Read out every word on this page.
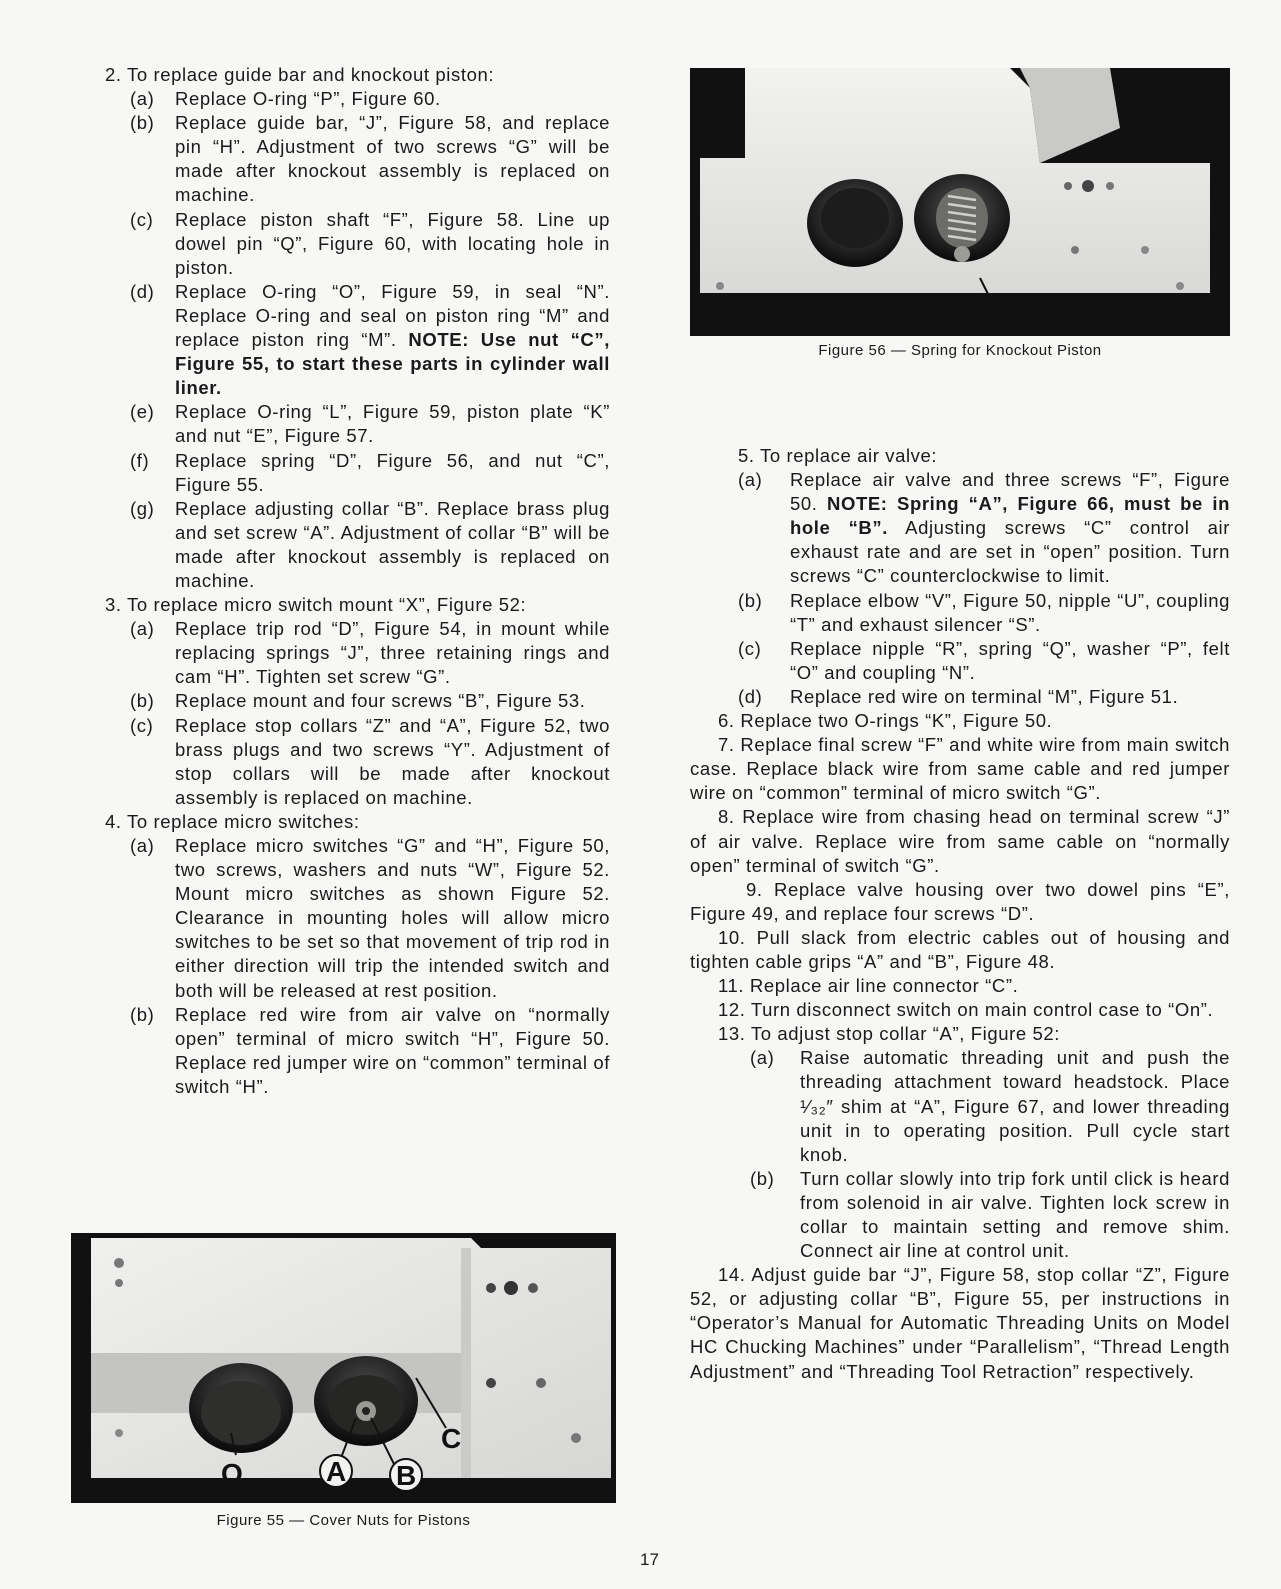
2. To replace guide bar and knockout piston:
(a) Replace O-ring “P”, Figure 60.
(b) Replace guide bar, “J”, Figure 58, and replace pin “H”. Adjustment of two screws “G” will be made after knockout assembly is replaced on machine.
(c) Replace piston shaft “F”, Figure 58. Line up dowel pin “Q”, Figure 60, with locating hole in piston.
(d) Replace O-ring “O”, Figure 59, in seal “N”. Replace O-ring and seal on piston ring “M” and replace piston ring “M”. NOTE: Use nut “C”, Figure 55, to start these parts in cylinder wall liner.
(e) Replace O-ring “L”, Figure 59, piston plate “K” and nut “E”, Figure 57.
(f) Replace spring “D”, Figure 56, and nut “C”, Figure 55.
(g) Replace adjusting collar “B”. Replace brass plug and set screw “A”. Adjustment of collar “B” will be made after knockout assembly is replaced on machine.
3. To replace micro switch mount “X”, Figure 52:
(a) Replace trip rod “D”, Figure 54, in mount while replacing springs “J”, three retaining rings and cam “H”. Tighten set screw “G”.
(b) Replace mount and four screws “B”, Figure 53.
(c) Replace stop collars “Z” and “A”, Figure 52, two brass plugs and two screws “Y”. Adjustment of stop collars will be made after knockout assembly is replaced on machine.
4. To replace micro switches:
(a) Replace micro switches “G” and “H”, Figure 50, two screws, washers and nuts “W”, Figure 52. Mount micro switches as shown Figure 52. Clearance in mounting holes will allow micro switches to be set so that movement of trip rod in either direction will trip the intended switch and both will be released at rest position.
(b) Replace red wire from air valve on “normally open” terminal of micro switch “H”, Figure 50. Replace red jumper wire on “common” terminal of switch “H”.
D
Figure 56 — Spring for Knockout Piston
5. To replace air valve:
(a) Replace air valve and three screws “F”, Figure 50. NOTE: Spring “A”, Figure 66, must be in hole “B”. Adjusting screws “C” control air exhaust rate and are set in “open” position. Turn screws “C” counterclockwise to limit.
(b) Replace elbow “V”, Figure 50, nipple “U”, coupling “T” and exhaust silencer “S”.
(c) Replace nipple “R”, spring “Q”, washer “P”, felt “O” and coupling “N”.
(d) Replace red wire on terminal “M”, Figure 51.
6. Replace two O-rings “K”, Figure 50.
7. Replace final screw “F” and white wire from main switch case. Replace black wire from same cable and red jumper wire on “common” terminal of micro switch “G”.
8. Replace wire from chasing head on terminal screw “J” of air valve. Replace wire from same cable on “normally open” terminal of switch “G”.
9. Replace valve housing over two dowel pins “E”, Figure 49, and replace four screws “D”.
10. Pull slack from electric cables out of housing and tighten cable grips “A” and “B”, Figure 48.
11. Replace air line connector “C”.
12. Turn disconnect switch on main control case to “On”.
13. To adjust stop collar “A”, Figure 52:
(a) Raise automatic threading unit and push the threading attachment toward headstock. Place ¹⁄₃₂″ shim at “A”, Figure 67, and lower threading unit in to operating position. Pull cycle start knob.
(b) Turn collar slowly into trip fork until click is heard from solenoid in air valve. Tighten lock screw in collar to maintain setting and remove shim. Connect air line at control unit.
14. Adjust guide bar “J”, Figure 58, stop collar “Z”, Figure 52, or adjusting collar “B”, Figure 55, per instructions in “Operator’s Manual for Automatic Threading Units on Model HC Chucking Machines” under “Parallelism”, “Thread Length Adjustment” and “Threading Tool Retraction” respectively.
Q	A B
C
Figure 55 — Cover Nuts for Pistons
17
